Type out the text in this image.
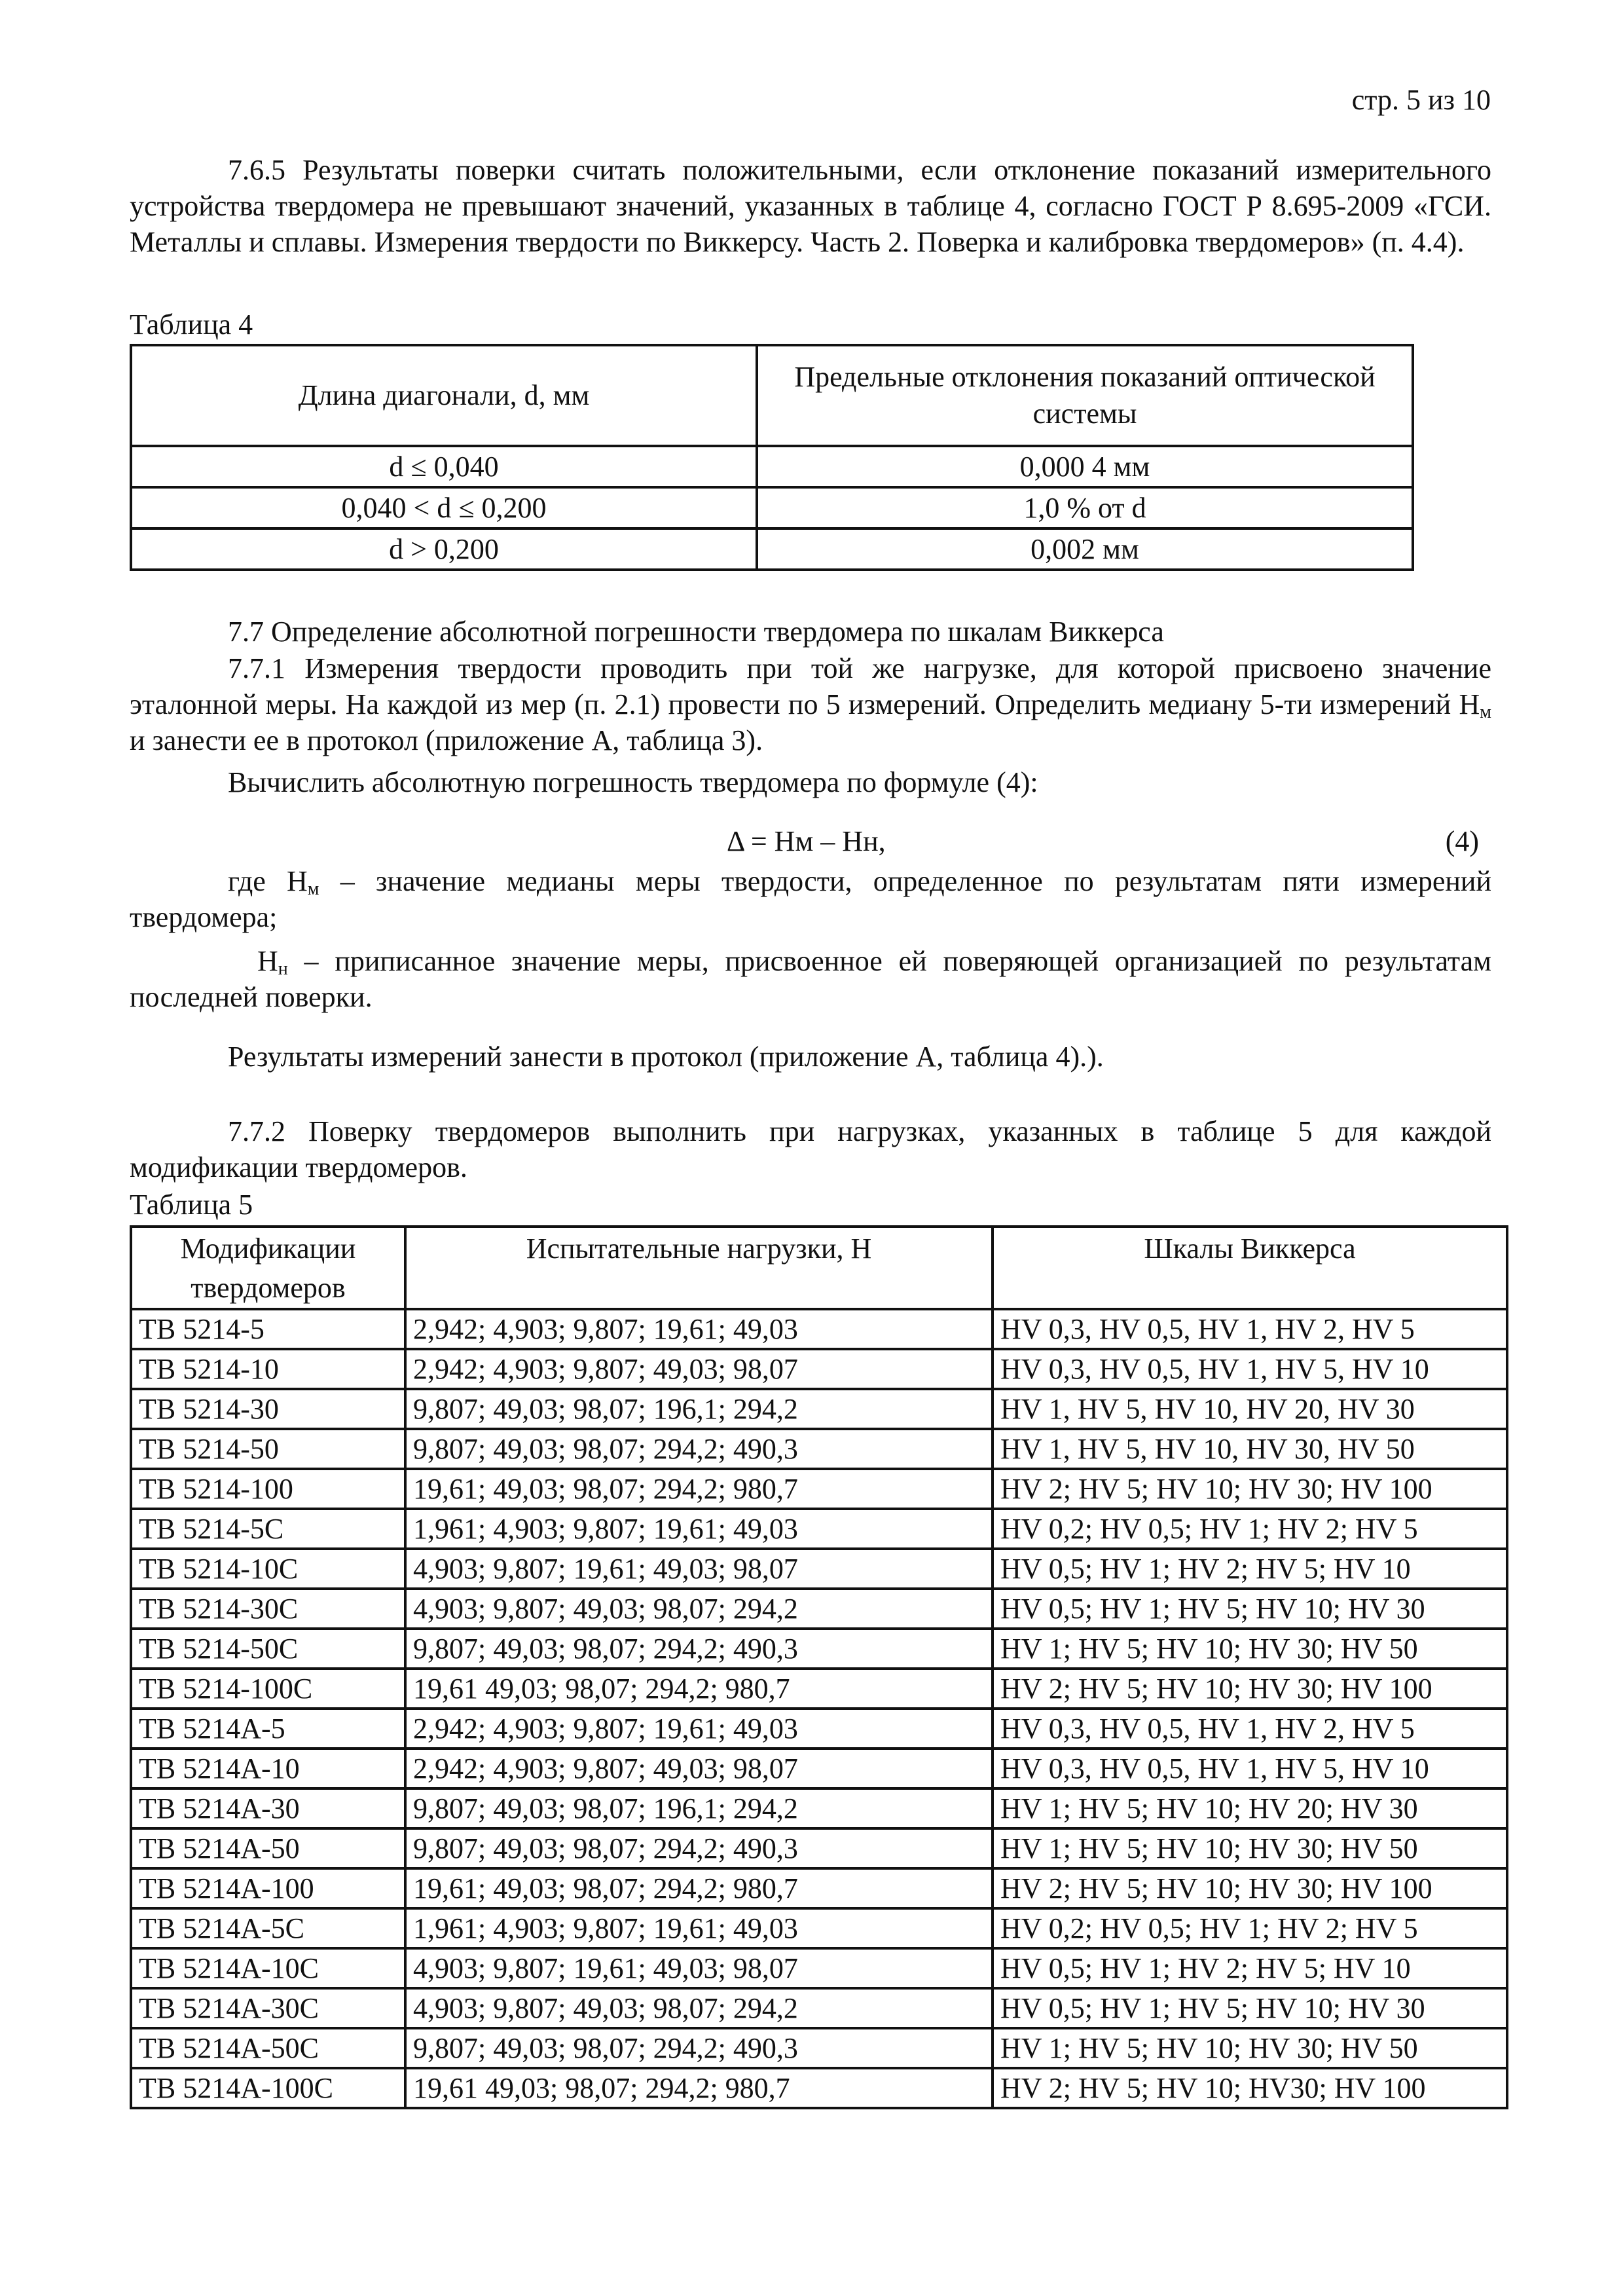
стр. 5 из 10
7.6.5 Результаты поверки считать положительными, если отклонение показаний измерительного устройства твердомера не превышают значений, указанных в таблице 4, согласно ГОСТ Р 8.695-2009 «ГСИ. Металлы и сплавы. Измерения твердости по Виккерсу. Часть 2. Поверка и калибровка твердомеров» (п. 4.4).
Таблица 4
Длина диагонали, d, мм	Предельные отклонения показаний оптической системы
d ≤ 0,040	0,000 4 мм
0,040 < d ≤ 0,200	1,0 % от d
d > 0,200	0,002 мм
7.7 Определение абсолютной погрешности твердомера по шкалам Виккерса
7.7.1 Измерения твердости проводить при той же нагрузке, для которой присвоено значение эталонной меры. На каждой из мер (п. 2.1) провести по 5 измерений. Определить медиану 5-ти измерений $Н_м$ и занести ее в протокол (приложение А, таблица 3).
Вычислить абсолютную погрешность твердомера по формуле (4):
Δ = Нм – Нн,	(4)
где $Н_м$ – значение медианы меры твердости, определенное по результатам пяти измерений твердомера;
$Н_н$ – приписанное значение меры, присвоенное ей поверяющей организацией по результатам последней поверки.
Результаты измерений занести в протокол (приложение А, таблица 4).).
7.7.2 Поверку твердомеров выполнить при нагрузках, указанных в таблице 5 для каждой модификации твердомеров.
Таблица 5
Модификации твердомеров	Испытательные нагрузки, Н	Шкалы Виккерса
ТВ 5214-5	2,942; 4,903; 9,807; 19,61; 49,03	HV 0,3, HV 0,5, HV 1, HV 2, HV 5
ТВ 5214-10	2,942; 4,903; 9,807; 49,03; 98,07	HV 0,3, HV 0,5, HV 1, HV 5, HV 10
ТВ 5214-30	9,807; 49,03; 98,07; 196,1; 294,2	HV 1, HV 5, HV 10, HV 20, HV 30
ТВ 5214-50	9,807; 49,03; 98,07; 294,2; 490,3	HV 1, HV 5, HV 10, HV 30, HV 50
ТВ 5214-100	19,61; 49,03; 98,07; 294,2; 980,7	HV 2; HV 5; HV 10; HV 30; HV 100
ТВ 5214-5С	1,961; 4,903; 9,807; 19,61; 49,03	HV 0,2; HV 0,5; HV 1; HV 2; HV 5
ТВ 5214-10С	4,903; 9,807; 19,61; 49,03; 98,07	HV 0,5; HV 1; HV 2; HV 5; HV 10
ТВ 5214-30С	4,903; 9,807; 49,03; 98,07; 294,2	HV 0,5; HV 1; HV 5; HV 10; HV 30
ТВ 5214-50С	9,807; 49,03; 98,07; 294,2; 490,3	HV 1; HV 5; HV 10; HV 30; HV 50
ТВ 5214-100С	19,61 49,03; 98,07; 294,2; 980,7	HV 2; HV 5; HV 10; HV 30; HV 100
ТВ 5214А-5	2,942; 4,903; 9,807; 19,61; 49,03	HV 0,3, HV 0,5, HV 1, HV 2, HV 5
ТВ 5214А-10	2,942; 4,903; 9,807; 49,03; 98,07	HV 0,3, HV 0,5, HV 1, HV 5, HV 10
ТВ 5214А-30	9,807; 49,03; 98,07; 196,1; 294,2	HV 1; HV 5; HV 10; HV 20; HV 30
ТВ 5214А-50	9,807; 49,03; 98,07; 294,2; 490,3	HV 1; HV 5; HV 10; HV 30; HV 50
ТВ 5214А-100	19,61; 49,03; 98,07; 294,2; 980,7	HV 2; HV 5; HV 10; HV 30; HV 100
ТВ 5214А-5С	1,961; 4,903; 9,807; 19,61; 49,03	HV 0,2; HV 0,5; HV 1; HV 2; HV 5
ТВ 5214А-10С	4,903; 9,807; 19,61; 49,03; 98,07	HV 0,5; HV 1; HV 2; HV 5; HV 10
ТВ 5214А-30С	4,903; 9,807; 49,03; 98,07; 294,2	HV 0,5; HV 1; HV 5; HV 10; HV 30
ТВ 5214А-50С	9,807; 49,03; 98,07; 294,2; 490,3	HV 1; HV 5; HV 10; HV 30; HV 50
ТВ 5214А-100С	19,61 49,03; 98,07; 294,2; 980,7	HV 2; HV 5; HV 10; HV30; HV 100
